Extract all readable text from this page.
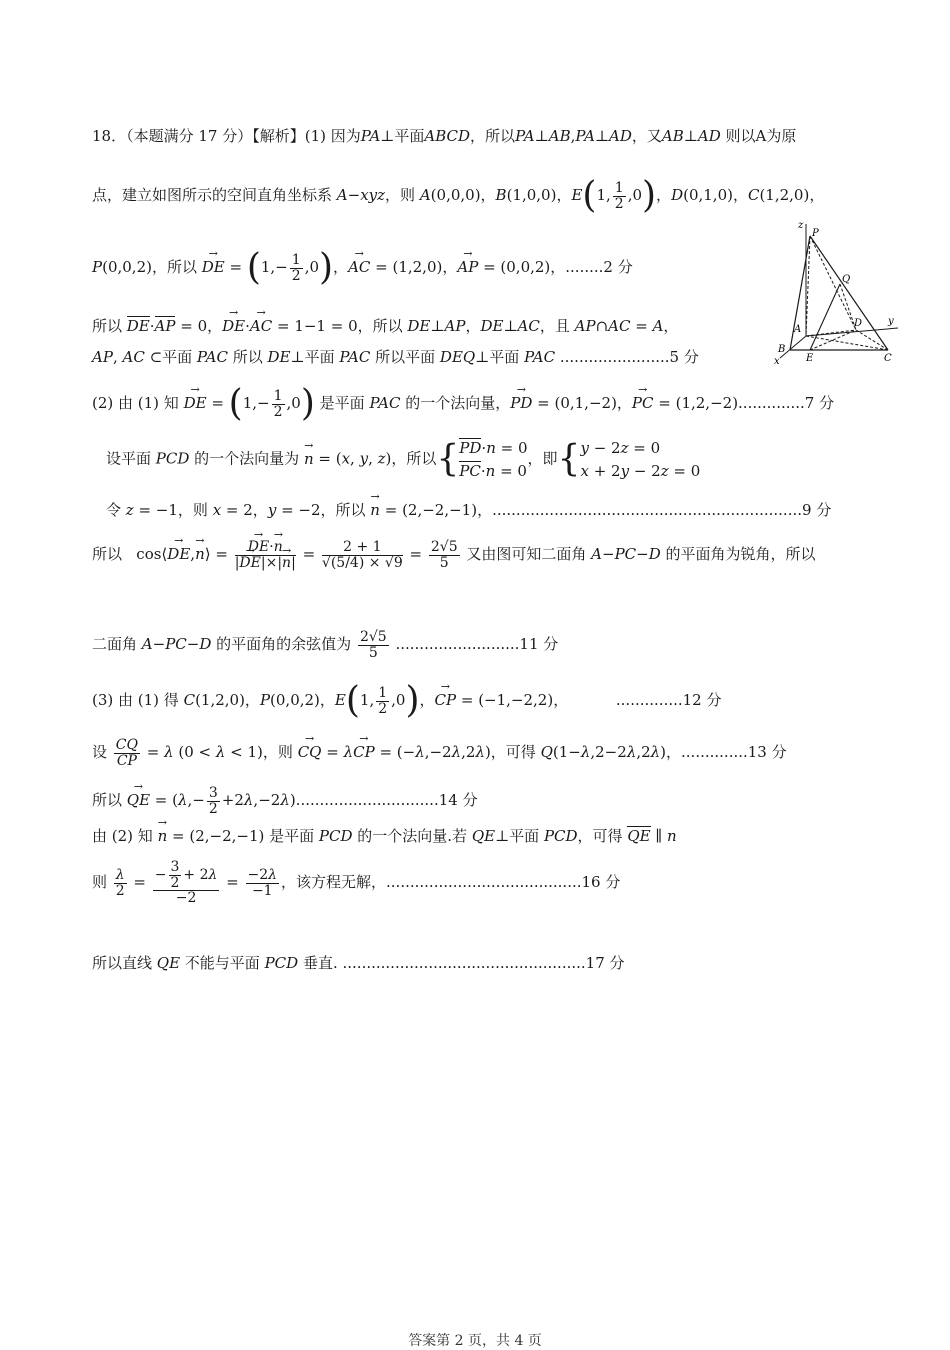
18．（本题满分 17 分）【解析】(1) 因为PA⊥平面ABCD，所以PA⊥AB,PA⊥AD，又AB⊥AD 则以A为原
点，建立如图所示的空间直角坐标系 A−xyz，则 A(0,0,0)，B(1,0,0)，E(1, $\frac{1}{2} ,0$)，D(0,1,0)，C(1,2,0)，
P(0,0,2)，所以 → DE = $(1,- \frac{1}{2} ,0)$，→ AC = (1,2,0)，→ AP = (0,0,2)，........2 分
所以 DE·AP = 0，→ DE·→ AC = 1−1 = 0，所以 DE⊥AP，DE⊥AC，且 AP∩AC = A，
AP, AC ⊂平面 PAC 所以 DE⊥平面 PAC 所以平面 DEQ⊥平面 PAC .......................5 分
(2) 由 (1) 知 → DE = $(1,- \frac{1}{2} ,0)$ 是平面 PAC 的一个法向量，→ PD = (0,1,−2)，→ PC = (1,2,−2)..............7 分
设平面 PCD 的一个法向量为 → n = (x, y, z)，所以{PD·n = 0
PC·n = 0，即{y − 2z = 0
x + 2y − 2z = 0
令 z = −1，则 x = 2，y = −2，所以 → n = (2,−2,−1)，.................................................................9 分
所以   cos⟨→ DE,→ n⟩ =
→ $\frac{DE\cdot\to n}{|\to DE|\times|\to n|} = \frac{2 + 1}{√(5/4) \times √9} = \frac{2√5}{5}$ 又由图可知二面角 A−PC−D 的平面角为锐角，所以
二面角 A−PC−D 的平面角的余弦值为 $\frac{2√5}{5} ..........................11$ 分
(3) 由 (1) 得 C(1,2,0)，P(0,0,2)，E(1, $\frac{1}{2} ,0$)，→ CP = (−1,−2,2)，          ..............12 分
设 $\frac{CQ}{CP} = \lambda$ (0 < λ < 1)，则 → CQ = λ→ CP = (−λ,−2λ,2λ)，可得 Q(1−λ,2−2λ,2λ)，..............13 分
所以 → QE = $(\lambda,- \frac{3}{2} +2\lambda,-2\lambda)..............................14$ 分
由 (2) 知 → n = (2,−2,−1) 是平面 PCD 的一个法向量.若 QE⊥平面 PCD，可得 QE ∥ n
则 $\frac{\lambda}{2} = \frac{- \frac{3}{2} + 2\lambda}{-2} = \frac{-2\lambda}{-1}$ ，该方程无解，.........................................16 分
所以直线 QE 不能与平面 PCD 垂直. ...................................................17 分
z
P
Q
A
D	y
B
E	C
x
答案第 2 页，共 4 页
